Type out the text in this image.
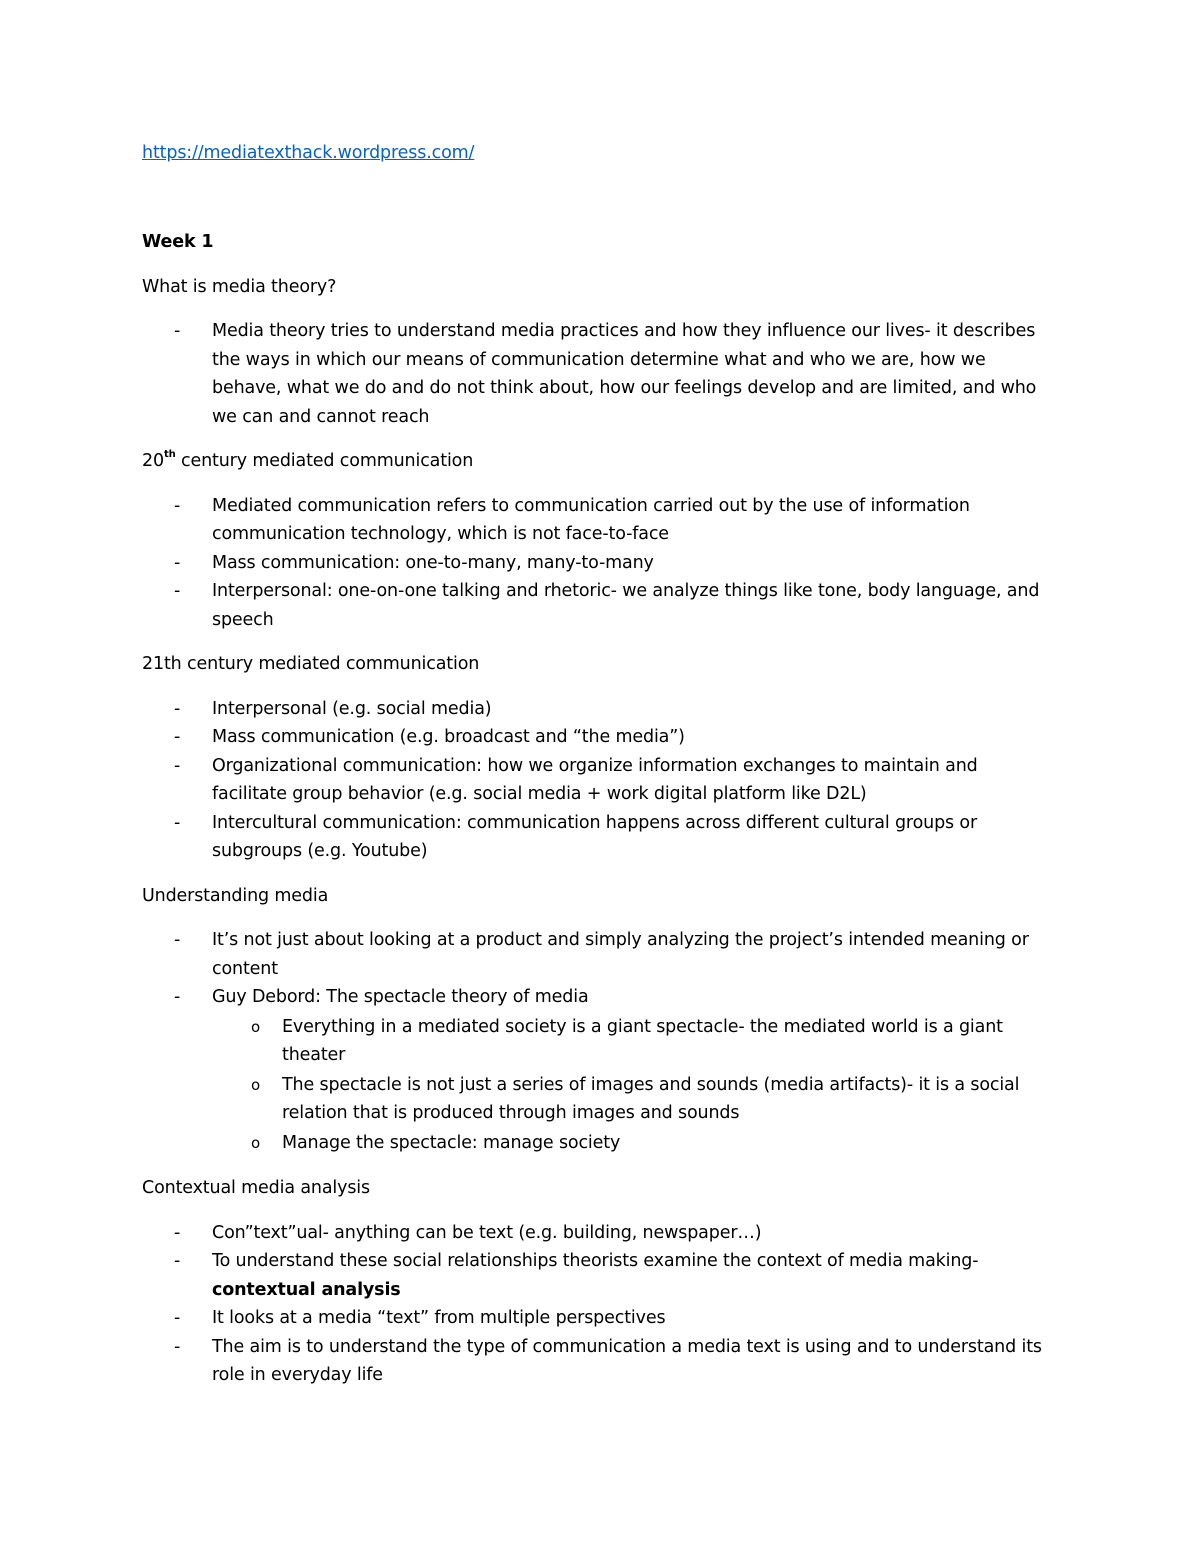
https://mediatexthack.wordpress.com/

Week 1

What is media theory?

- Media theory tries to understand media practices and how they influence our lives- it describes the ways in which our means of communication determine what and who we are, how we behave, what we do and do not think about, how our feelings develop and are limited, and who we can and cannot reach

20th century mediated communication

- Mediated communication refers to communication carried out by the use of information communication technology, which is not face-to-face
- Mass communication: one-to-many, many-to-many
- Interpersonal: one-on-one talking and rhetoric- we analyze things like tone, body language, and speech

21th century mediated communication

- Interpersonal (e.g. social media)
- Mass communication (e.g. broadcast and “the media”)
- Organizational communication: how we organize information exchanges to maintain and facilitate group behavior (e.g. social media + work digital platform like D2L)
- Intercultural communication: communication happens across different cultural groups or subgroups (e.g. Youtube)

Understanding media

- It’s not just about looking at a product and simply analyzing the project’s intended meaning or content
- Guy Debord: The spectacle theory of media
o Everything in a mediated society is a giant spectacle- the mediated world is a giant theater
o The spectacle is not just a series of images and sounds (media artifacts)- it is a social relation that is produced through images and sounds
o Manage the spectacle: manage society

Contextual media analysis

- Con”text”ual- anything can be text (e.g. building, newspaper…)
- To understand these social relationships theorists examine the context of media making- contextual analysis
- It looks at a media “text” from multiple perspectives
- The aim is to understand the type of communication a media text is using and to understand its role in everyday life
